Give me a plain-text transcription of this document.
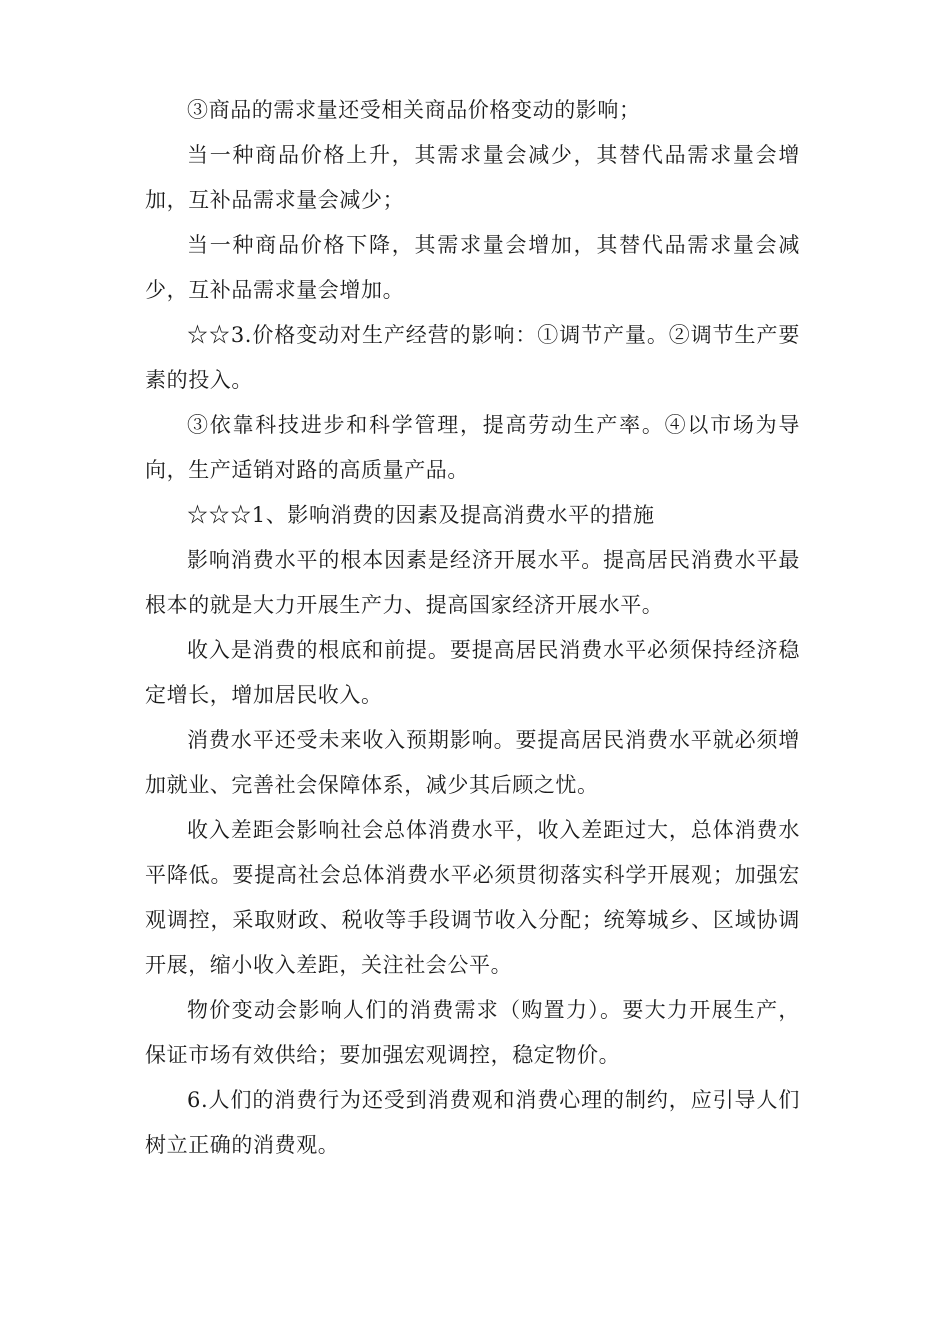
③商品的需求量还受相关商品价格变动的影响；

当一种商品价格上升，其需求量会减少，其替代品需求量会增加，互补品需求量会减少；

当一种商品价格下降，其需求量会增加，其替代品需求量会减少，互补品需求量会增加。

☆☆3.价格变动对生产经营的影响：①调节产量。②调节生产要素的投入。

③依靠科技进步和科学管理，提高劳动生产率。④以市场为导向，生产适销对路的高质量产品。

☆☆☆1、影响消费的因素及提高消费水平的措施

影响消费水平的根本因素是经济开展水平。提高居民消费水平最根本的就是大力开展生产力、提高国家经济开展水平。

收入是消费的根底和前提。要提高居民消费水平必须保持经济稳定增长，增加居民收入。

消费水平还受未来收入预期影响。要提高居民消费水平就必须增加就业、完善社会保障体系，减少其后顾之忧。

收入差距会影响社会总体消费水平，收入差距过大，总体消费水平降低。要提高社会总体消费水平必须贯彻落实科学开展观；加强宏观调控，采取财政、税收等手段调节收入分配；统筹城乡、区域协调开展，缩小收入差距，关注社会公平。

物价变动会影响人们的消费需求（购置力）。要大力开展生产，保证市场有效供给；要加强宏观调控，稳定物价。

6.人们的消费行为还受到消费观和消费心理的制约，应引导人们树立正确的消费观。
